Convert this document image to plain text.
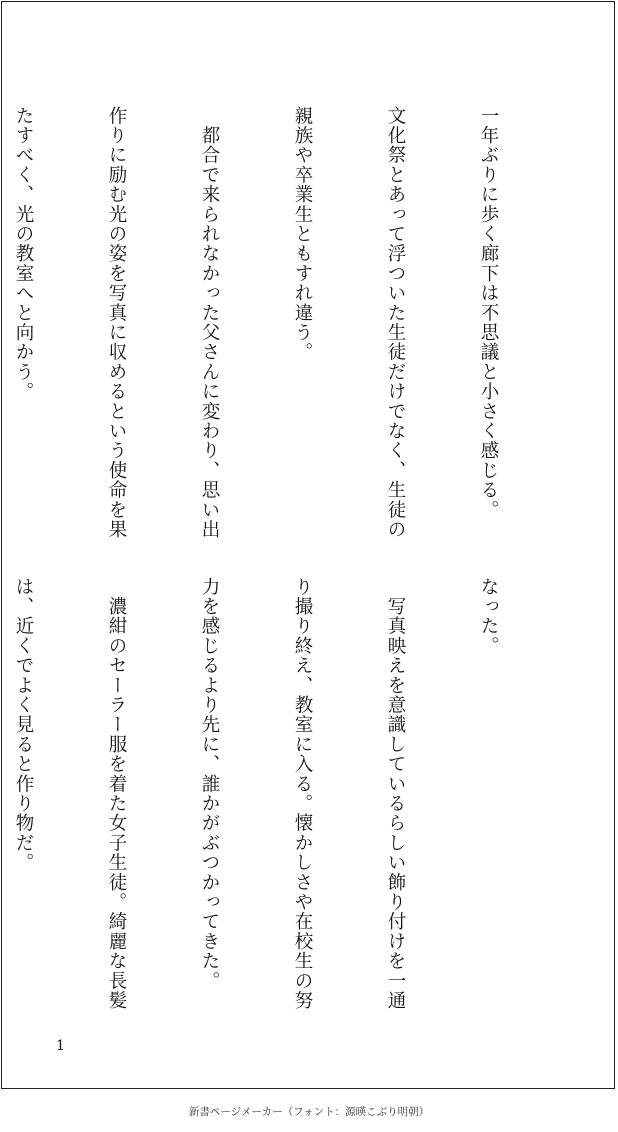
一年ぶりに歩く廊下は不思議と小さく感じる。

文化祭とあって浮ついた生徒だけでなく、生徒の

親族や卒業生ともすれ違う。

　都合で来られなかった父さんに変わり、思い出

作りに励む光の姿を写真に収めるという使命を果

たすべく、光の教室へと向かう。

なった。

　写真映えを意識しているらしい飾り付けを一通

り撮り終え、教室に入る。懐かしさや在校生の努

力を感じるより先に、誰かがぶつかってきた。

　濃紺のセーラー服を着た女子生徒。綺麗な長髪

は、近くでよく見ると作り物だ。

1
新書ページメーカー（フォント：源暎こぶり明朝）
